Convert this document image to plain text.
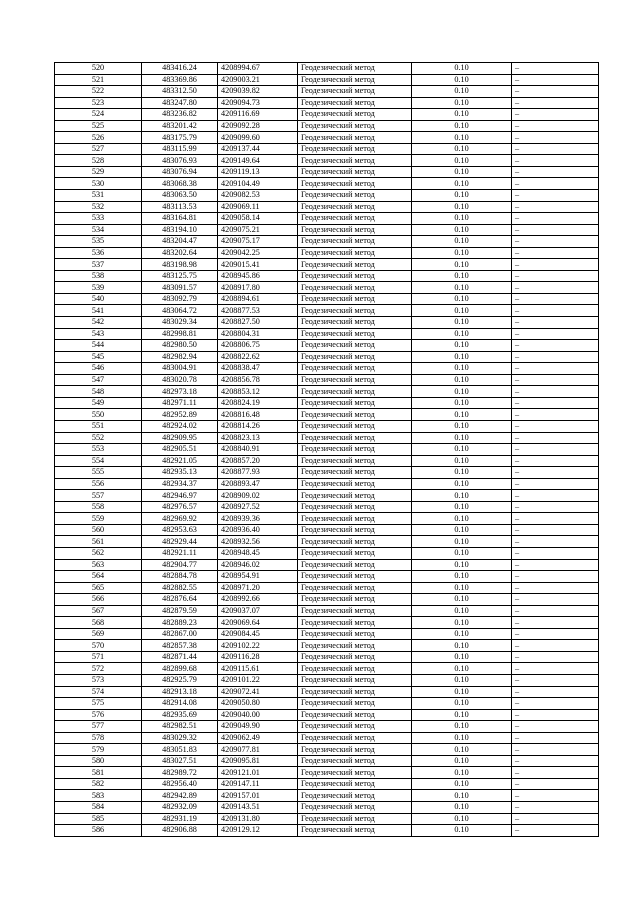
520	483416.24	4208994.67	Геодезический метод	0.10	–
521	483369.86	4209003.21	Геодезический метод	0.10	–
522	483312.50	4209039.82	Геодезический метод	0.10	–
523	483247.80	4209094.73	Геодезический метод	0.10	–
524	483236.82	4209116.69	Геодезический метод	0.10	–
525	483201.42	4209092.28	Геодезический метод	0.10	–
526	483175.79	4209099.60	Геодезический метод	0.10	–
527	483115.99	4209137.44	Геодезический метод	0.10	–
528	483076.93	4209149.64	Геодезический метод	0.10	–
529	483076.94	4209119.13	Геодезический метод	0.10	–
530	483068.38	4209104.49	Геодезический метод	0.10	–
531	483063.50	4209082.53	Геодезический метод	0.10	–
532	483113.53	4209069.11	Геодезический метод	0.10	–
533	483164.81	4209058.14	Геодезический метод	0.10	–
534	483194.10	4209075.21	Геодезический метод	0.10	–
535	483204.47	4209075.17	Геодезический метод	0.10	–
536	483202.64	4209042.25	Геодезический метод	0.10	–
537	483198.98	4209015.41	Геодезический метод	0.10	–
538	483125.75	4208945.86	Геодезический метод	0.10	–
539	483091.57	4208917.80	Геодезический метод	0.10	–
540	483092.79	4208894.61	Геодезический метод	0.10	–
541	483064.72	4208877.53	Геодезический метод	0.10	–
542	483029.34	4208827.50	Геодезический метод	0.10	–
543	482998.81	4208804.31	Геодезический метод	0.10	–
544	482980.50	4208806.75	Геодезический метод	0.10	–
545	482982.94	4208822.62	Геодезический метод	0.10	–
546	483004.91	4208838.47	Геодезический метод	0.10	–
547	483020.78	4208856.78	Геодезический метод	0.10	–
548	482973.18	4208853.12	Геодезический метод	0.10	–
549	482971.11	4208824.19	Геодезический метод	0.10	–
550	482952.89	4208816.48	Геодезический метод	0.10	–
551	482924.02	4208814.26	Геодезический метод	0.10	–
552	482909.95	4208823.13	Геодезический метод	0.10	–
553	482905.51	4208840.91	Геодезический метод	0.10	–
554	482921.05	4208857.20	Геодезический метод	0.10	–
555	482935.13	4208877.93	Геодезический метод	0.10	–
556	482934.37	4208893.47	Геодезический метод	0.10	–
557	482946.97	4208909.02	Геодезический метод	0.10	–
558	482976.57	4208927.52	Геодезический метод	0.10	–
559	482969.92	4208939.36	Геодезический метод	0.10	–
560	482953.63	4208936.40	Геодезический метод	0.10	–
561	482929.44	4208932.56	Геодезический метод	0.10	–
562	482921.11	4208948.45	Геодезический метод	0.10	–
563	482904.77	4208946.02	Геодезический метод	0.10	–
564	482884.78	4208954.91	Геодезический метод	0.10	–
565	482882.55	4208971.20	Геодезический метод	0.10	–
566	482876.64	4208992.66	Геодезический метод	0.10	–
567	482879.59	4209037.07	Геодезический метод	0.10	–
568	482889.23	4209069.64	Геодезический метод	0.10	–
569	482867.00	4209084.45	Геодезический метод	0.10	–
570	482857.38	4209102.22	Геодезический метод	0.10	–
571	482871.44	4209116.28	Геодезический метод	0.10	–
572	482899.68	4209115.61	Геодезический метод	0.10	–
573	482925.79	4209101.22	Геодезический метод	0.10	–
574	482913.18	4209072.41	Геодезический метод	0.10	–
575	482914.08	4209050.80	Геодезический метод	0.10	–
576	482935.69	4209040.00	Геодезический метод	0.10	–
577	482982.51	4209049.90	Геодезический метод	0.10	–
578	483029.32	4209062.49	Геодезический метод	0.10	–
579	483051.83	4209077.81	Геодезический метод	0.10	–
580	483027.51	4209095.81	Геодезический метод	0.10	–
581	482989.72	4209121.01	Геодезический метод	0.10	–
582	482956.40	4209147.11	Геодезический метод	0.10	–
583	482942.89	4209157.01	Геодезический метод	0.10	–
584	482932.09	4209143.51	Геодезический метод	0.10	–
585	482931.19	4209131.80	Геодезический метод	0.10	–
586	482906.88	4209129.12	Геодезический метод	0.10	–
